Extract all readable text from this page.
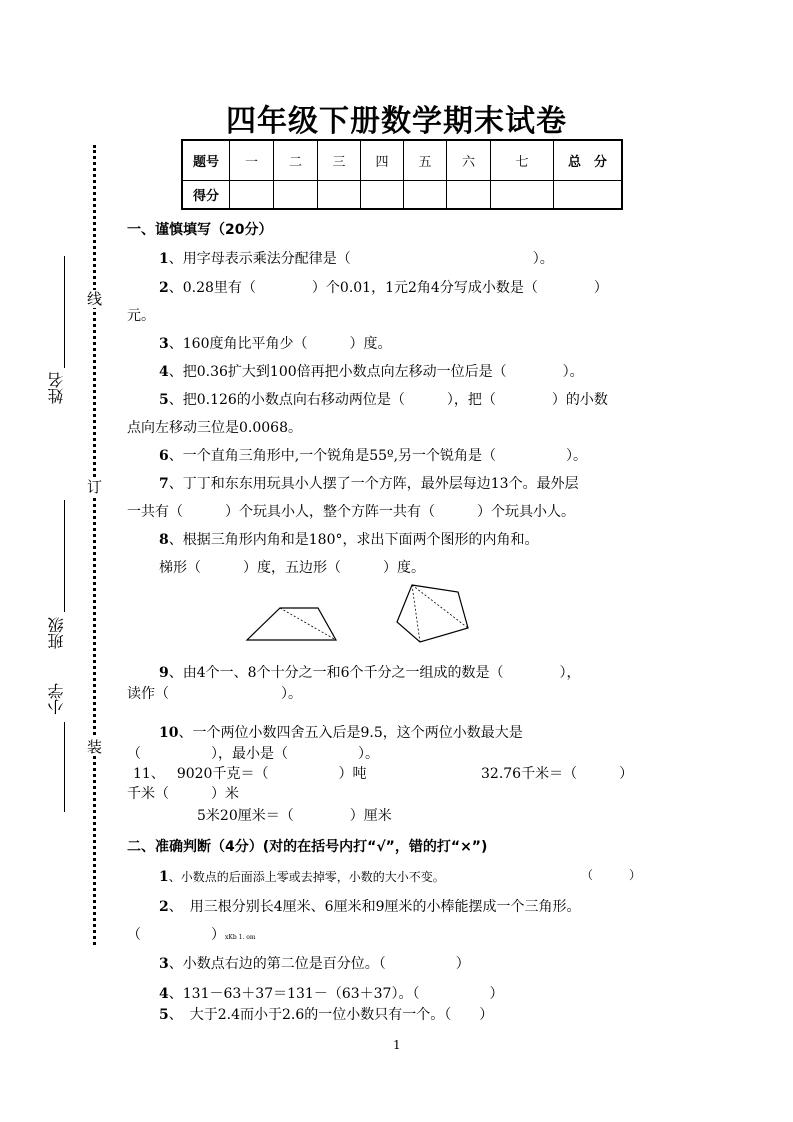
四年级下册数学期末试卷
题号	一	二	三	四	五	六	七	总　分
得分								
线
订
装
姓名
班级
小学
一、谨慎填写（20分）
1、用字母表示乘法分配律是（　　　　　　　　　　　　　）。
2、0.28里有（　　　　）个0.01，1元2角4分写成小数是（　　　　）
元。
3、160度角比平角少（　　　）度。
4、把0.36扩大到100倍再把小数点向左移动一位后是（　　　　）。
5、把0.126的小数点向右移动两位是（　　　），把（　　　　）的小数
点向左移动三位是0.0068。
6、一个直角三角形中,一个锐角是55º,另一个锐角是（　　　　　）。
7、丁丁和东东用玩具小人摆了一个方阵，最外层每边13个。最外层
一共有（　　　）个玩具小人，整个方阵一共有（　　　）个玩具小人。
8、根据三角形内角和是180°，求出下面两个图形的内角和。
梯形（　　　）度，五边形（　　　）度。
9、由4个一、8个十分之一和6个千分之一组成的数是（　　　　），
读作（　　　　　　　　）。
10、一个两位小数四舍五入后是9.5，这个两位小数最大是
（　　　　　），最小是（　　　　　）。
11、 9020千克＝（　　　　　）吨	32.76千米＝（　　　）
千米（　　　）米
5米20厘米＝（　　　　）厘米
二、准确判断（4分）(对的在括号内打“√”，错的打“×”)
1、小数点的后面添上零或去掉零，小数的大小不变。	（　　　）
2、　用三根分别长4厘米、6厘米和9厘米的小棒能摆成一个三角形。
（　　　　　）xKb 1. om
3、小数点右边的第二位是百分位。（　　　　　）
4、131－63＋37＝131－（63＋37）。（　　　　　）
5、　大于2.4而小于2.6的一位小数只有一个。（　　）
1
